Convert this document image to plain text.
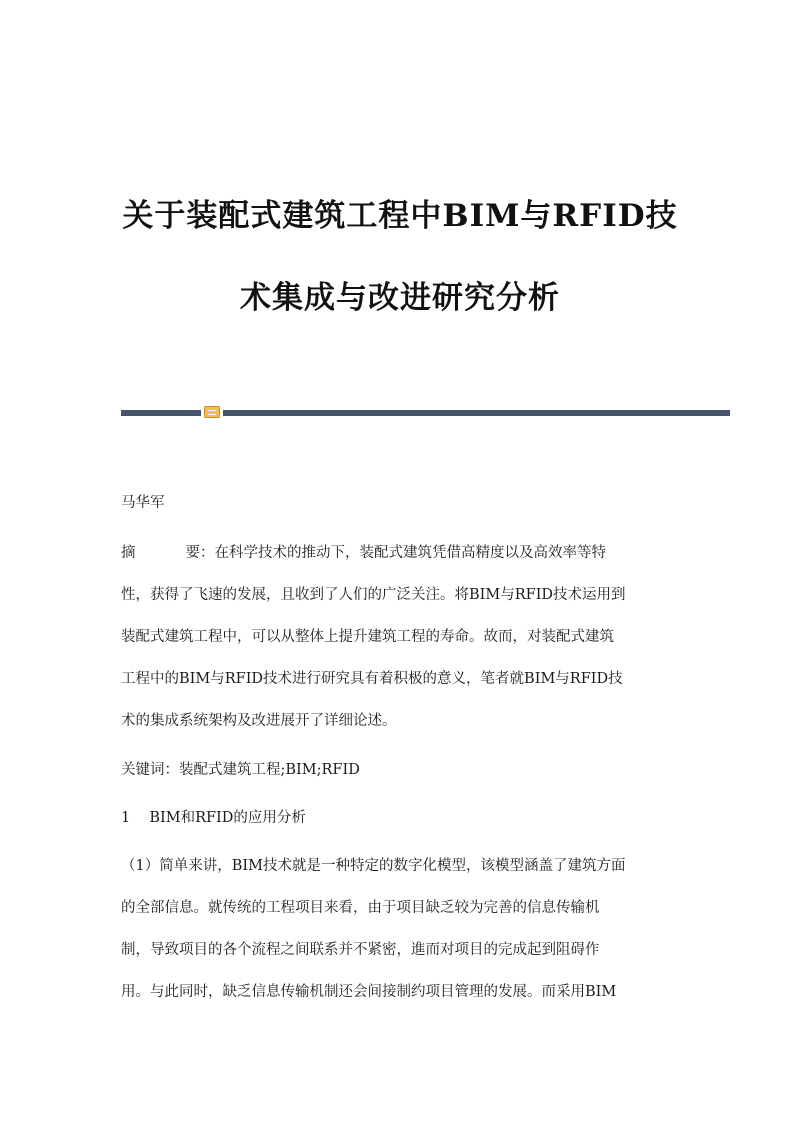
关于装配式建筑工程中BIM与RFID技
术集成与改进研究分析
马华军
摘	要：在科学技术的推动下，装配式建筑凭借高精度以及高效率等特
性，获得了飞速的发展，且收到了人们的广泛关注。将BIM与RFID技术运用到
装配式建筑工程中，可以从整体上提升建筑工程的寿命。故而，对装配式建筑
工程中的BIM与RFID技术进行研究具有着积极的意义，笔者就BIM与RFID技
术的集成系统架构及改进展开了详细论述。
关键词：装配式建筑工程;BIM;RFID
1　 BIM和RFID的应用分析
（1）简单来讲，BIM技术就是一种特定的数字化模型，该模型涵盖了建筑方面
的全部信息。就传统的工程项目来看，由于项目缺乏较为完善的信息传输机
制，导致项目的各个流程之间联系并不紧密，進而对项目的完成起到阻碍作
用。与此同时，缺乏信息传输机制还会间接制约项目管理的发展。而采用BIM
